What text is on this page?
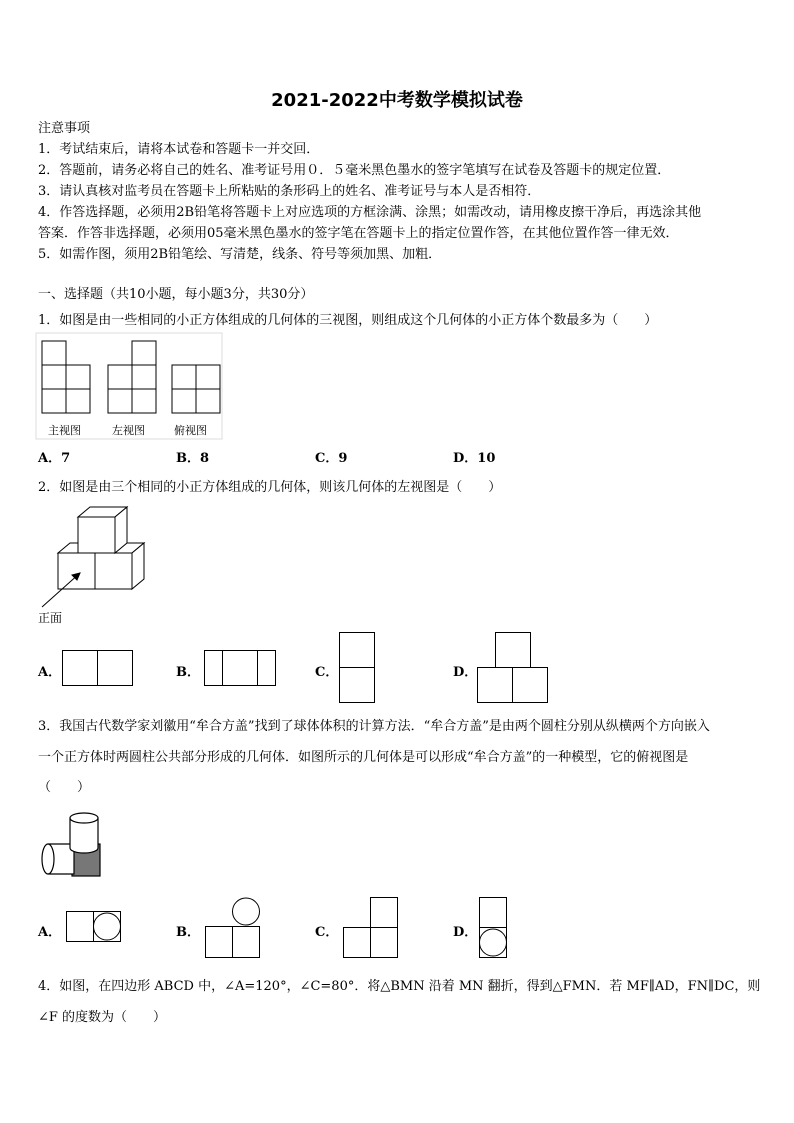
2021-2022中考数学模拟试卷
注意事项
1．考试结束后，请将本试卷和答题卡一并交回．
2．答题前，请务必将自己的姓名、准考证号用０．５毫米黑色墨水的签字笔填写在试卷及答题卡的规定位置．
3．请认真核对监考员在答题卡上所粘贴的条形码上的姓名、准考证号与本人是否相符．
4．作答选择题，必须用2B铅笔将答题卡上对应选项的方框涂满、涂黑；如需改动，请用橡皮擦干净后，再选涂其他
答案．作答非选择题，必须用05毫米黑色墨水的签字笔在答题卡上的指定位置作答，在其他位置作答一律无效．
5．如需作图，须用2B铅笔绘、写清楚，线条、符号等须加黑、加粗．
一、选择题（共10小题，每小题3分，共30分）
1．如图是由一些相同的小正方体组成的几何体的三视图，则组成这个几何体的小正方体个数最多为（　　）
主视图	左视图	俯视图
A．7	B．8	C．9	D．10
2．如图是由三个相同的小正方体组成的几何体，则该几何体的左视图是（　　）
正面
A．	B．	C．	D．
3．我国古代数学家刘徽用“牟合方盖”找到了球体体积的计算方法．“牟合方盖”是由两个圆柱分别从纵横两个方向嵌入
一个正方体时两圆柱公共部分形成的几何体．如图所示的几何体是可以形成“牟合方盖”的一种模型，它的俯视图是
（　　）
A．	B．	C．	D．
4．如图，在四边形 ABCD 中，∠A=120°，∠C=80°．将△BMN 沿着 MN 翻折，得到△FMN．若 MF∥AD，FN∥DC，则
∠F 的度数为（　　）
